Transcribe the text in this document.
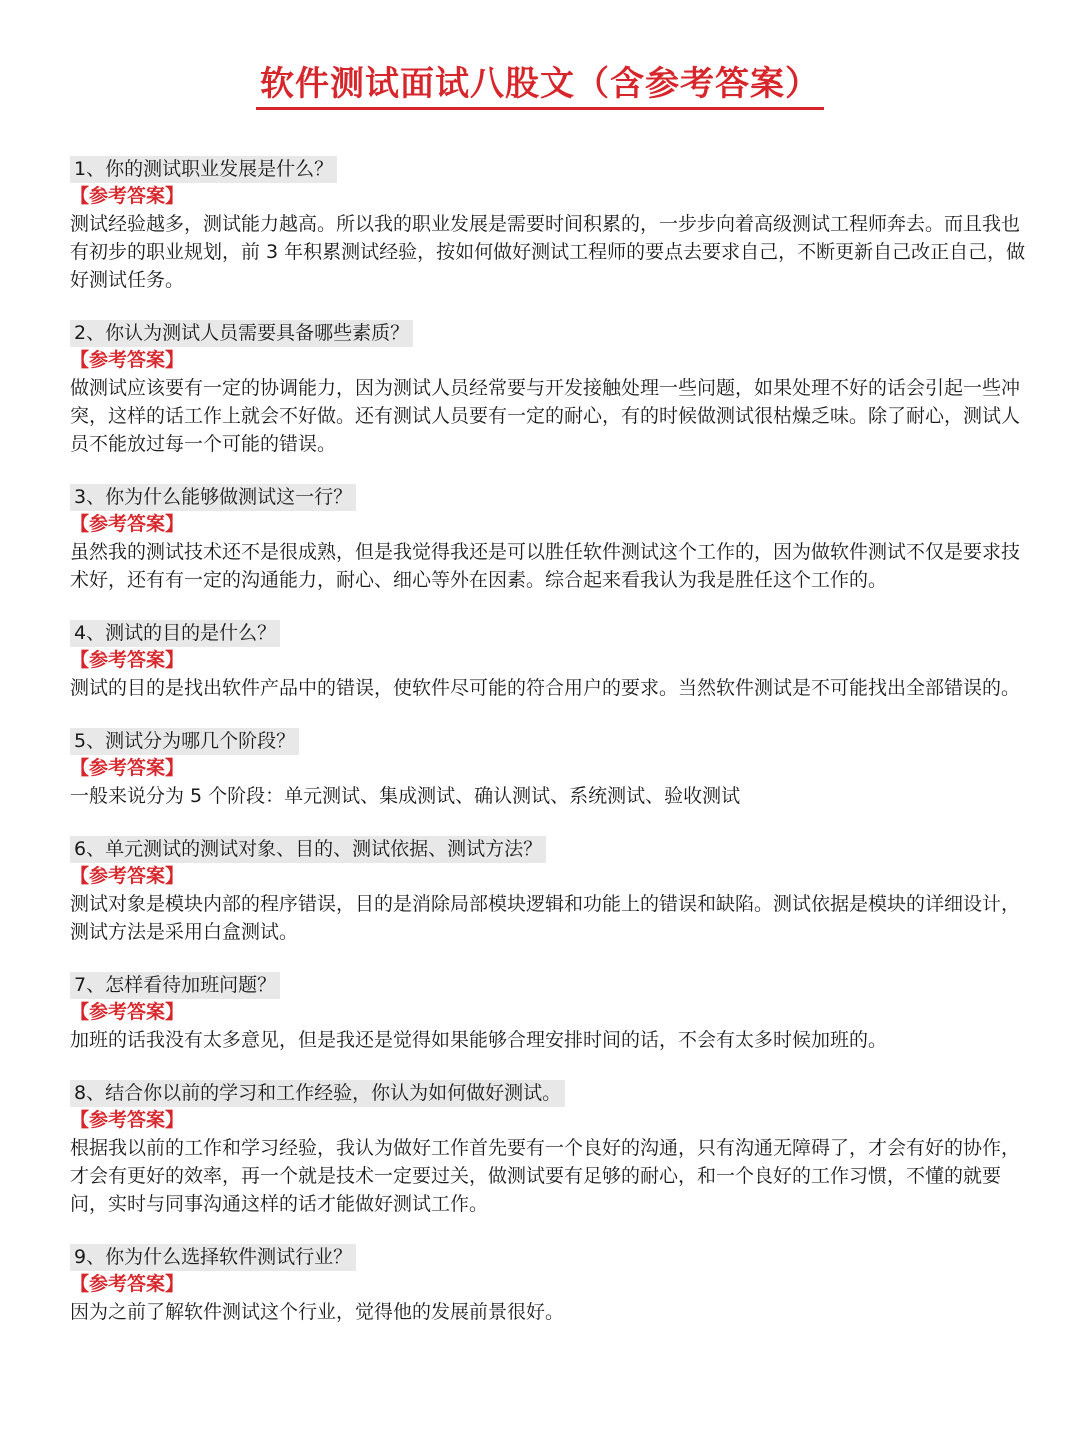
软件测试面试八股文（含参考答案）
1、你的测试职业发展是什么？
【参考答案】

测试经验越多，测试能力越高。所以我的职业发展是需要时间积累的，一步步向着高级测试工程师奔去。而且我也有初步的职业规划，前 3 年积累测试经验，按如何做好测试工程师的要点去要求自己，不断更新自己改正自己，做好测试任务。

2、你认为测试人员需要具备哪些素质？
【参考答案】

做测试应该要有一定的协调能力，因为测试人员经常要与开发接触处理一些问题，如果处理不好的话会引起一些冲突，这样的话工作上就会不好做。还有测试人员要有一定的耐心，有的时候做测试很枯燥乏味。除了耐心，测试人员不能放过每一个可能的错误。

3、你为什么能够做测试这一行？
【参考答案】

虽然我的测试技术还不是很成熟，但是我觉得我还是可以胜任软件测试这个工作的，因为做软件测试不仅是要求技术好，还有有一定的沟通能力，耐心、细心等外在因素。综合起来看我认为我是胜任这个工作的。

4、测试的目的是什么？
【参考答案】

测试的目的是找出软件产品中的错误，使软件尽可能的符合用户的要求。当然软件测试是不可能找出全部错误的。

5、测试分为哪几个阶段？
【参考答案】

一般来说分为 5 个阶段：单元测试、集成测试、确认测试、系统测试、验收测试

6、单元测试的测试对象、目的、测试依据、测试方法？
【参考答案】

测试对象是模块内部的程序错误，目的是消除局部模块逻辑和功能上的错误和缺陷。测试依据是模块的详细设计，测试方法是采用白盒测试。

7、怎样看待加班问题？
【参考答案】

加班的话我没有太多意见，但是我还是觉得如果能够合理安排时间的话，不会有太多时候加班的。

8、结合你以前的学习和工作经验，你认为如何做好测试。
【参考答案】

根据我以前的工作和学习经验，我认为做好工作首先要有一个良好的沟通，只有沟通无障碍了，才会有好的协作，才会有更好的效率，再一个就是技术一定要过关，做测试要有足够的耐心，和一个良好的工作习惯，不懂的就要问，实时与同事沟通这样的话才能做好测试工作。

9、你为什么选择软件测试行业？
【参考答案】

因为之前了解软件测试这个行业，觉得他的发展前景很好。
